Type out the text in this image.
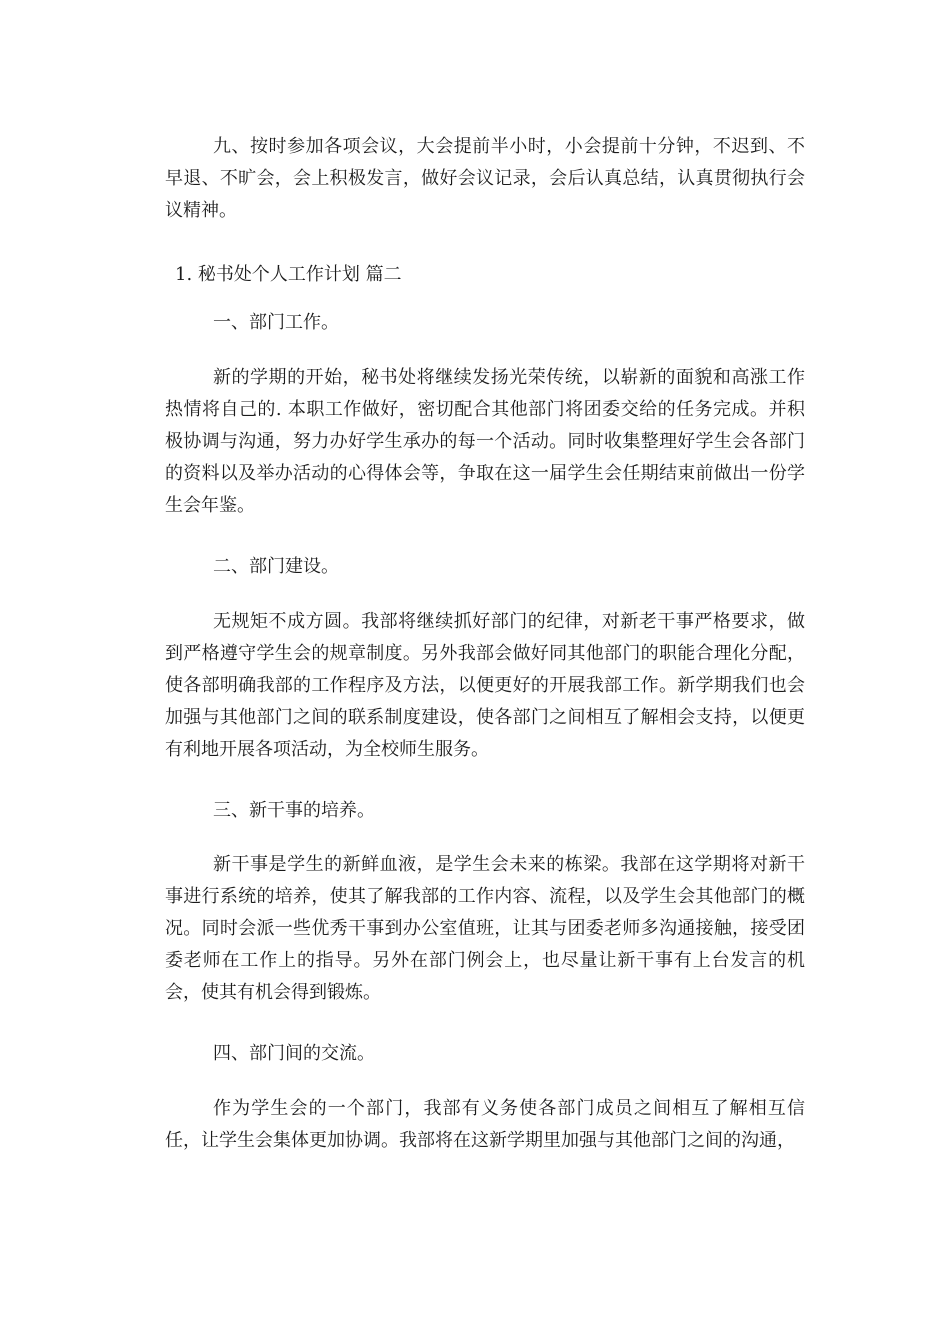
九、按时参加各项会议，大会提前半小时，小会提前十分钟，不迟到、不早退、不旷会，会上积极发言，做好会议记录，会后认真总结，认真贯彻执行会议精神。

1. 秘书处个人工作计划 篇二

一、部门工作。

新的学期的开始，秘书处将继续发扬光荣传统，以崭新的面貌和高涨工作热情将自己的. 本职工作做好，密切配合其他部门将团委交给的任务完成。并积极协调与沟通，努力办好学生承办的每一个活动。同时收集整理好学生会各部门的资料以及举办活动的心得体会等，争取在这一届学生会任期结束前做出一份学生会年鉴。

二、部门建设。

无规矩不成方圆。我部将继续抓好部门的纪律，对新老干事严格要求，做到严格遵守学生会的规章制度。另外我部会做好同其他部门的职能合理化分配，使各部明确我部的工作程序及方法，以便更好的开展我部工作。新学期我们也会加强与其他部门之间的联系制度建设，使各部门之间相互了解相会支持，以便更有利地开展各项活动，为全校师生服务。

三、新干事的培养。

新干事是学生的新鲜血液，是学生会未来的栋梁。我部在这学期将对新干事进行系统的培养，使其了解我部的工作内容、流程，以及学生会其他部门的概况。同时会派一些优秀干事到办公室值班，让其与团委老师多沟通接触，接受团委老师在工作上的指导。另外在部门例会上，也尽量让新干事有上台发言的机会，使其有机会得到锻炼。

四、部门间的交流。

作为学生会的一个部门，我部有义务使各部门成员之间相互了解相互信任，让学生会集体更加协调。我部将在这新学期里加强与其他部门之间的沟通，
